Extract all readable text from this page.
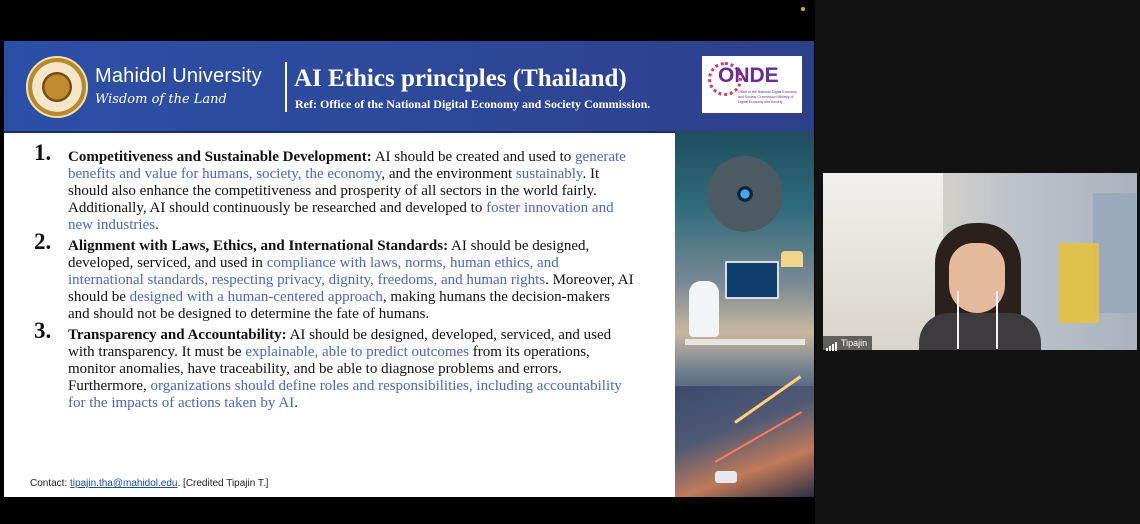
Mahidol University
Wisdom of the Land
AI Ethics principles (Thailand)
Ref: Office of the National Digital Economy and Society Commission.
ONDE
Office of the National Digital Economy and Society Commission Ministry of Digital Economy and Society
1. Competitiveness and Sustainable Development: AI should be created and used to generate benefits and value for humans, society, the economy, and the environment sustainably. It should also enhance the competitiveness and prosperity of all sectors in the world fairly. Additionally, AI should continuously be researched and developed to foster innovation and new industries.
2. Alignment with Laws, Ethics, and International Standards: AI should be designed, developed, serviced, and used in compliance with laws, norms, human ethics, and international standards, respecting privacy, dignity, freedoms, and human rights. Moreover, AI should be designed with a human-centered approach, making humans the decision-makers and should not be designed to determine the fate of humans.
3. Transparency and Accountability: AI should be designed, developed, serviced, and used with transparency. It must be explainable, able to predict outcomes from its operations, monitor anomalies, have traceability, and be able to diagnose problems and errors. Furthermore, organizations should define roles and responsibilities, including accountability for the impacts of actions taken by AI.
Contact: tipajin.tha@mahidol.edu. [Credited Tipajin T.]
Tipajin
